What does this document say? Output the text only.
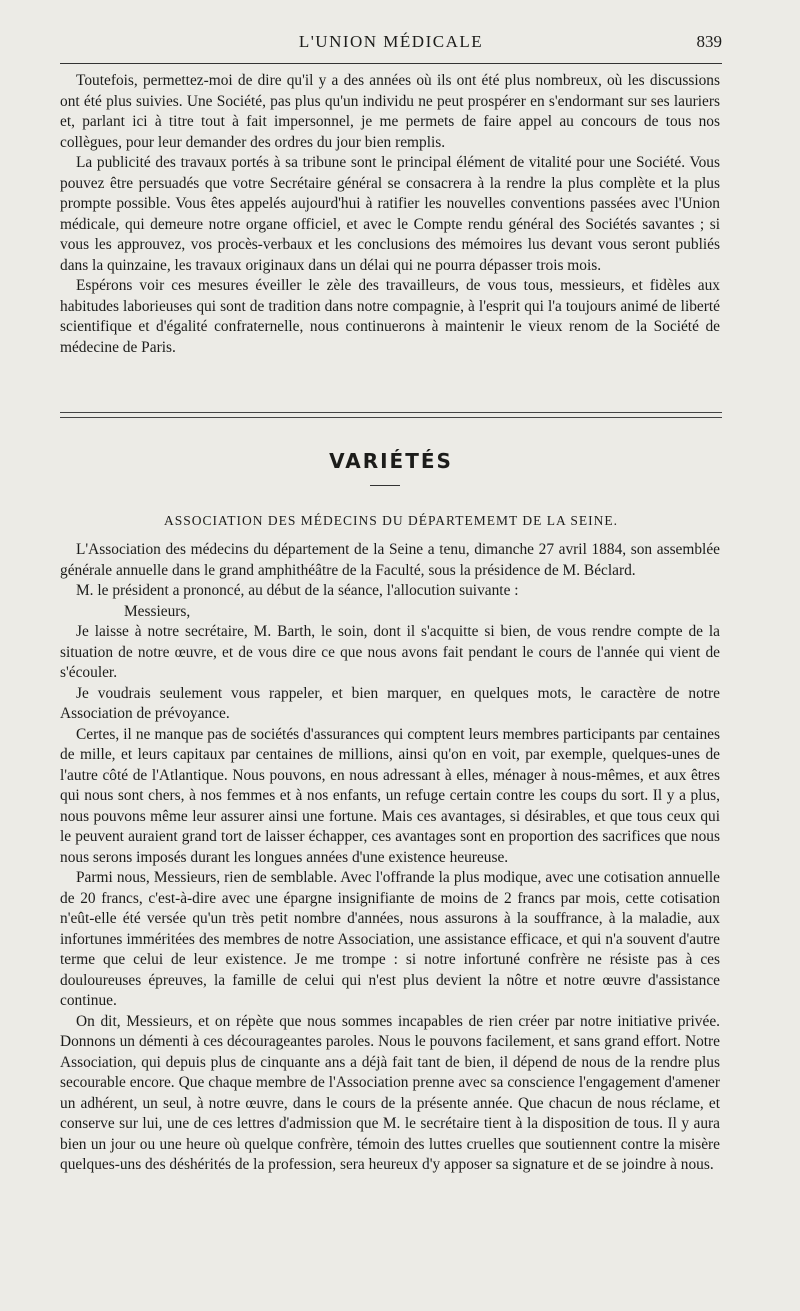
L'UNION MÉDICALE	839

Toutefois, permettez-moi de dire qu'il y a des années où ils ont été plus nombreux, où les discussions ont été plus suivies. Une Société, pas plus qu'un individu ne peut prospérer en s'endormant sur ses lauriers et, parlant ici à titre tout à fait impersonnel, je me permets de faire appel au concours de tous nos collègues, pour leur demander des ordres du jour bien remplis.

La publicité des travaux portés à sa tribune sont le principal élément de vitalité pour une Société. Vous pouvez être persuadés que votre Secrétaire général se consacrera à la rendre la plus complète et la plus prompte possible. Vous êtes appelés aujourd'hui à ratifier les nouvelles conventions passées avec l'Union médicale, qui demeure notre organe officiel, et avec le Compte rendu général des Sociétés savantes ; si vous les approuvez, vos procès-verbaux et les conclusions des mémoires lus devant vous seront publiés dans la quinzaine, les travaux originaux dans un délai qui ne pourra dépasser trois mois.

Espérons voir ces mesures éveiller le zèle des travailleurs, de vous tous, messieurs, et fidèles aux habitudes laborieuses qui sont de tradition dans notre compagnie, à l'esprit qui l'a toujours animé de liberté scientifique et d'égalité confraternelle, nous continuerons à maintenir le vieux renom de la Société de médecine de Paris.

VARIÉTÉS
ASSOCIATION DES MÉDECINS DU DÉPARTEMEMT DE LA SEINE.

L'Association des médecins du département de la Seine a tenu, dimanche 27 avril 1884, son assemblée générale annuelle dans le grand amphithéâtre de la Faculté, sous la présidence de M. Béclard.

M. le président a prononcé, au début de la séance, l'allocution suivante :

Messieurs,

Je laisse à notre secrétaire, M. Barth, le soin, dont il s'acquitte si bien, de vous rendre compte de la situation de notre œuvre, et de vous dire ce que nous avons fait pendant le cours de l'année qui vient de s'écouler.

Je voudrais seulement vous rappeler, et bien marquer, en quelques mots, le caractère de notre Association de prévoyance.

Certes, il ne manque pas de sociétés d'assurances qui comptent leurs membres participants par centaines de mille, et leurs capitaux par centaines de millions, ainsi qu'on en voit, par exemple, quelques-unes de l'autre côté de l'Atlantique. Nous pouvons, en nous adressant à elles, ménager à nous-mêmes, et aux êtres qui nous sont chers, à nos femmes et à nos enfants, un refuge certain contre les coups du sort. Il y a plus, nous pouvons même leur assurer ainsi une fortune. Mais ces avantages, si désirables, et que tous ceux qui le peuvent auraient grand tort de laisser échapper, ces avantages sont en proportion des sacrifices que nous nous serons imposés durant les longues années d'une existence heureuse.

Parmi nous, Messieurs, rien de semblable. Avec l'offrande la plus modique, avec une cotisation annuelle de 20 francs, c'est-à-dire avec une épargne insignifiante de moins de 2 francs par mois, cette cotisation n'eût-elle été versée qu'un très petit nombre d'années, nous assurons à la souffrance, à la maladie, aux infortunes imméritées des membres de notre Association, une assistance efficace, et qui n'a souvent d'autre terme que celui de leur existence. Je me trompe : si notre infortuné confrère ne résiste pas à ces douloureuses épreuves, la famille de celui qui n'est plus devient la nôtre et notre œuvre d'assistance continue.

On dit, Messieurs, et on répète que nous sommes incapables de rien créer par notre initiative privée. Donnons un démenti à ces décourageantes paroles. Nous le pouvons facilement, et sans grand effort. Notre Association, qui depuis plus de cinquante ans a déjà fait tant de bien, il dépend de nous de la rendre plus secourable encore. Que chaque membre de l'Association prenne avec sa conscience l'engagement d'amener un adhérent, un seul, à notre œuvre, dans le cours de la présente année. Que chacun de nous réclame, et conserve sur lui, une de ces lettres d'admission que M. le secrétaire tient à la disposition de tous. Il y aura bien un jour ou une heure où quelque confrère, témoin des luttes cruelles que soutiennent contre la misère quelques-uns des déshérités de la profession, sera heureux d'y apposer sa signature et de se joindre à nous.
